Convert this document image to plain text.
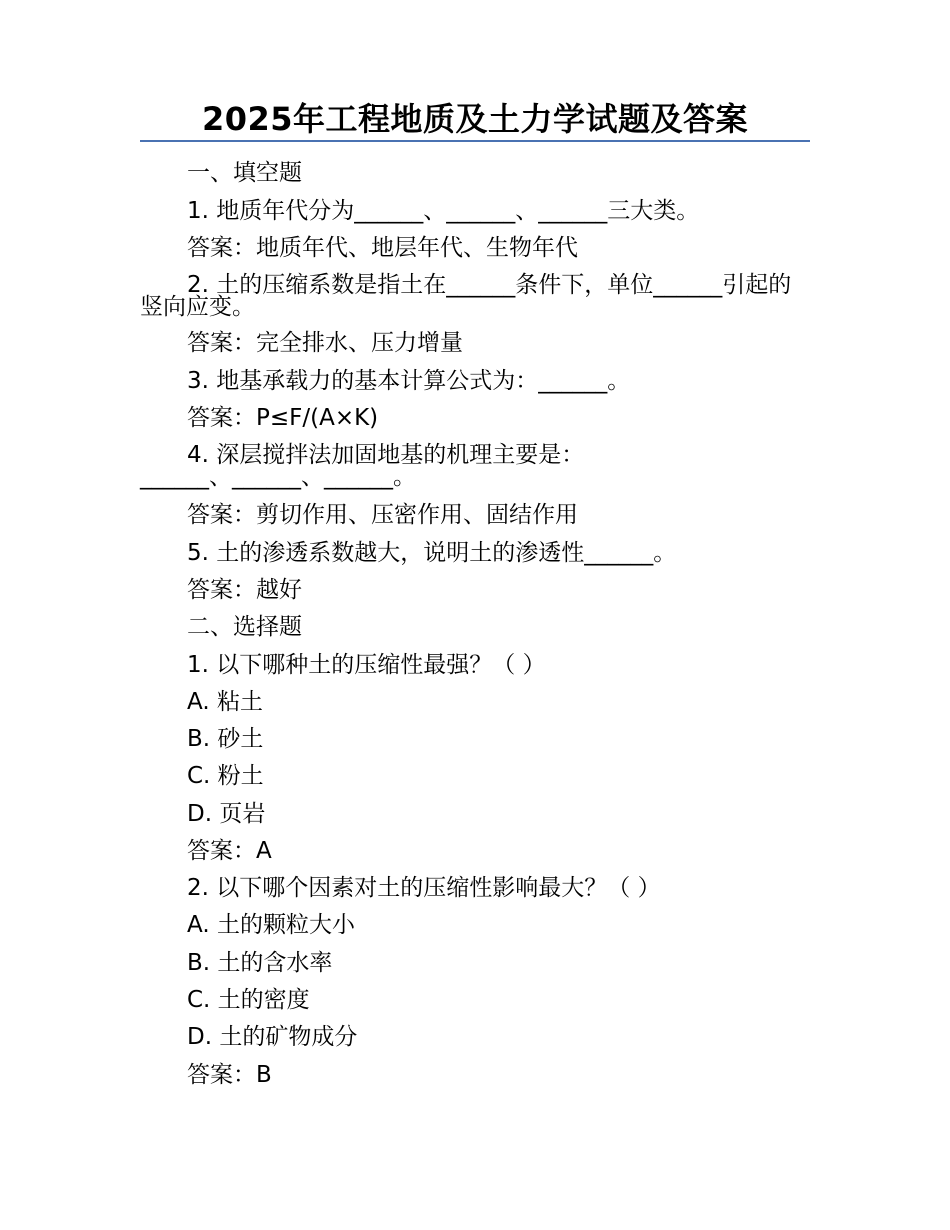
2025年工程地质及土力学试题及答案

一、填空题

1. 地质年代分为______、______、______三大类。

答案：地质年代、地层年代、生物年代

2. 土的压缩系数是指土在______条件下，单位______引起的竖向应变。

答案：完全排水、压力增量

3. 地基承载力的基本计算公式为：______。

答案：P≤F/(A×K)

4. 深层搅拌法加固地基的机理主要是：______、______、______。

答案：剪切作用、压密作用、固结作用

5. 土的渗透系数越大，说明土的渗透性______。

答案：越好

二、选择题

1. 以下哪种土的压缩性最强？（ ）

A. 粘土

B. 砂土

C. 粉土

D. 页岩

答案：A

2. 以下哪个因素对土的压缩性影响最大？（ ）

A. 土的颗粒大小

B. 土的含水率

C. 土的密度

D. 土的矿物成分

答案：B
